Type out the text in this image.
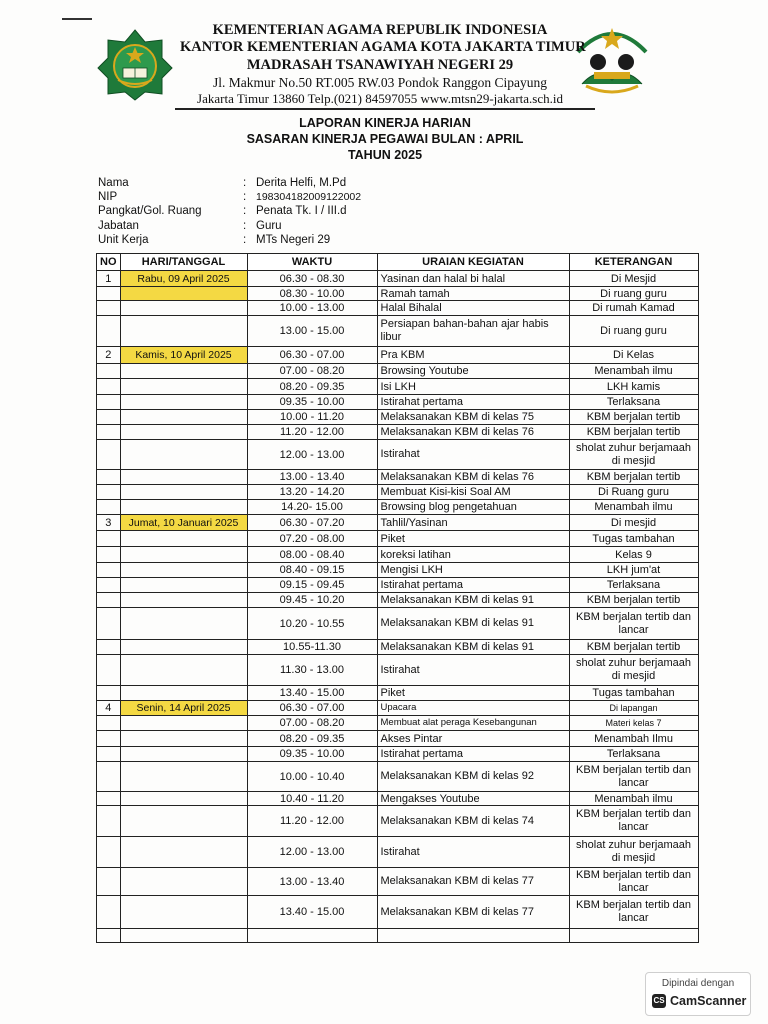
KEMENTERIAN AGAMA REPUBLIK INDONESIA
KANTOR KEMENTERIAN AGAMA KOTA JAKARTA TIMUR
MADRASAH TSANAWIYAH NEGERI 29
Jl. Makmur No.50 RT.005 RW.03 Pondok Ranggon Cipayung
Jakarta Timur 13860 Telp.(021) 84597055 www.mtsn29-jakarta.sch.id
LAPORAN KINERJA HARIAN
SASARAN KINERJA PEGAWAI BULAN : APRIL
TAHUN 2025
Nama	: Derita Helfi, M.Pd
NIP	: 198304182009122002
Pangkat/Gol. Ruang	: Penata Tk. I / III.d
Jabatan	: Guru
Unit Kerja	: MTs Negeri 29
NO	HARI/TANGGAL	WAKTU	URAIAN KEGIATAN	KETERANGAN
1	Rabu, 09 April 2025	06.30 - 08.30	Yasinan dan halal bi halal	Di Mesjid
		08.30 - 10.00	Ramah tamah	Di ruang guru
		10.00 - 13.00	Halal Bihalal	Di rumah Kamad
		13.00 - 15.00	Persiapan bahan-bahan ajar habis libur	Di ruang guru
2	Kamis, 10 April 2025	06.30 - 07.00	Pra KBM	Di Kelas
		07.00 - 08.20	Browsing Youtube	Menambah ilmu
		08.20 - 09.35	Isi LKH	LKH kamis
		09.35 - 10.00	Istirahat pertama	Terlaksana
		10.00 - 11.20	Melaksanakan KBM di kelas 75	KBM berjalan tertib
		11.20 - 12.00	Melaksanakan KBM di kelas 76	KBM berjalan tertib
		12.00 - 13.00	Istirahat	sholat zuhur berjamaah di mesjid
		13.00 - 13.40	Melaksanakan KBM di kelas 76	KBM berjalan tertib
		13.20 - 14.20	Membuat Kisi-kisi Soal AM	Di Ruang guru
		14.20- 15.00	Browsing blog pengetahuan	Menambah ilmu
3	Jumat, 10 Januari 2025	06.30 - 07.20	Tahlil/Yasinan	Di mesjid
		07.20 - 08.00	Piket	Tugas tambahan
		08.00 - 08.40	koreksi latihan	Kelas 9
		08.40 - 09.15	Mengisi LKH	LKH jum'at
		09.15 - 09.45	Istirahat pertama	Terlaksana
		09.45 - 10.20	Melaksanakan KBM di kelas 91	KBM berjalan tertib
		10.20 - 10.55	Melaksanakan KBM di kelas 91	KBM berjalan tertib dan lancar
		10.55-11.30	Melaksanakan KBM di kelas 91	KBM berjalan tertib
		11.30 - 13.00	Istirahat	sholat zuhur berjamaah di mesjid
		13.40 - 15.00	Piket	Tugas tambahan
4	Senin, 14 April 2025	06.30 - 07.00	Upacara	Di lapangan
		07.00 - 08.20	Membuat alat peraga Kesebangunan	Materi kelas 7
		08.20 - 09.35	Akses Pintar	Menambah Ilmu
		09.35 - 10.00	Istirahat pertama	Terlaksana
		10.00 - 10.40	Melaksanakan KBM di kelas 92	KBM berjalan tertib dan lancar
		10.40 - 11.20	Mengakses Youtube	Menambah ilmu
		11.20 - 12.00	Melaksanakan KBM di kelas 74	KBM berjalan tertib dan lancar
		12.00 - 13.00	Istirahat	sholat zuhur berjamaah di mesjid
		13.00 - 13.40	Melaksanakan KBM di kelas 77	KBM berjalan tertib dan lancar
		13.40 - 15.00	Melaksanakan KBM di kelas 77	KBM berjalan tertib dan lancar

Dipindai dengan
CS CamScanner
